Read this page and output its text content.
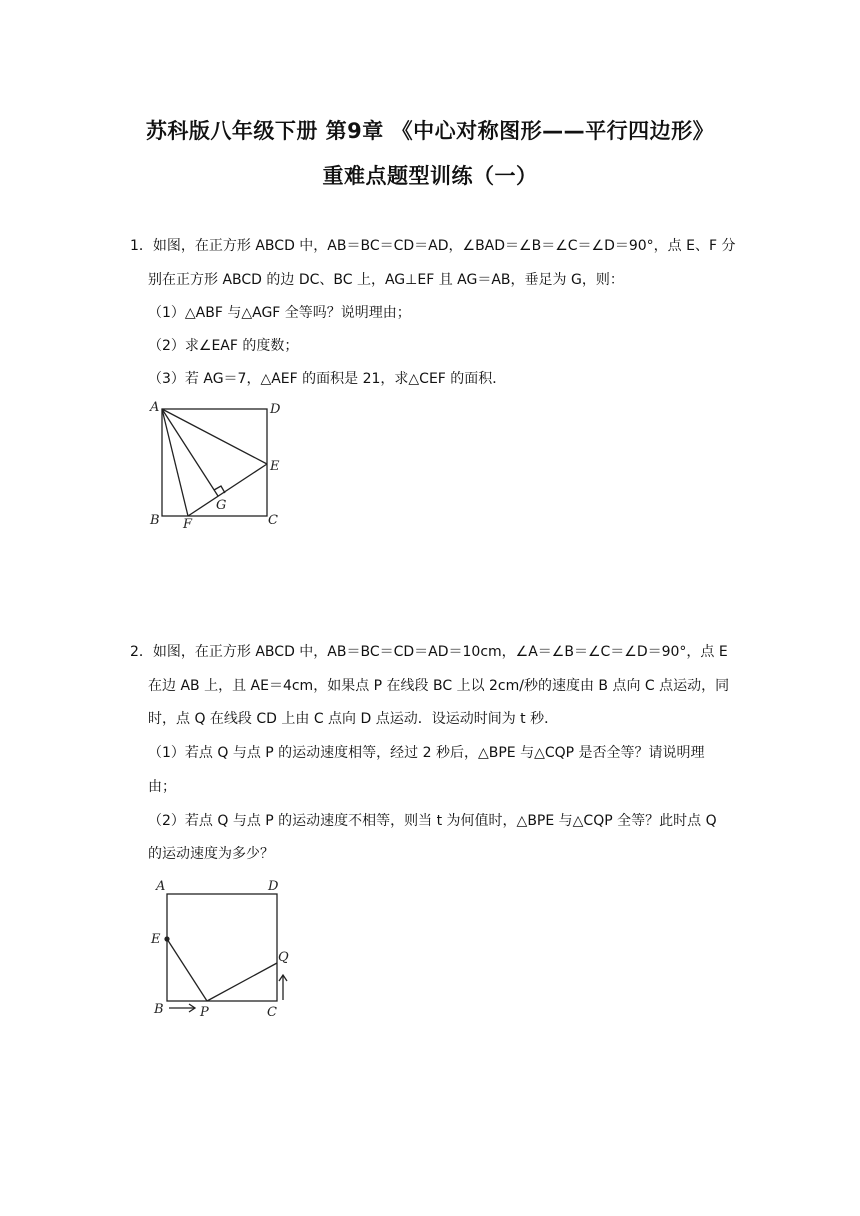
苏科版八年级下册 第9章 《中心对称图形——平行四边形》
重难点题型训练（一）
1．如图，在正方形 ABCD 中，AB＝BC＝CD＝AD，∠BAD＝∠B＝∠C＝∠D＝90°，点 E、F 分
别在正方形 ABCD 的边 DC、BC 上，AG⊥EF 且 AG＝AB，垂足为 G，则：
（1）△ABF 与△AGF 全等吗？说明理由；
（2）求∠EAF 的度数；
（3）若 AG＝7，△AEF 的面积是 21，求△CEF 的面积．
A	D
E
B F
G
C
2．如图，在正方形 ABCD 中，AB＝BC＝CD＝AD＝10cm，∠A＝∠B＝∠C＝∠D＝90°，点 E
在边 AB 上，且 AE＝4cm，如果点 P 在线段 BC 上以 2cm/秒的速度由 B 点向 C 点运动，同
时，点 Q 在线段 CD 上由 C 点向 D 点运动．设运动时间为 t 秒．
（1）若点 Q 与点 P 的运动速度相等，经过 2 秒后，△BPE 与△CQP 是否全等？请说明理
由；
（2）若点 Q 与点 P 的运动速度不相等，则当 t 为何值时，△BPE 与△CQP 全等？此时点 Q
的运动速度为多少？
A	D
E
Q
B	P	C
